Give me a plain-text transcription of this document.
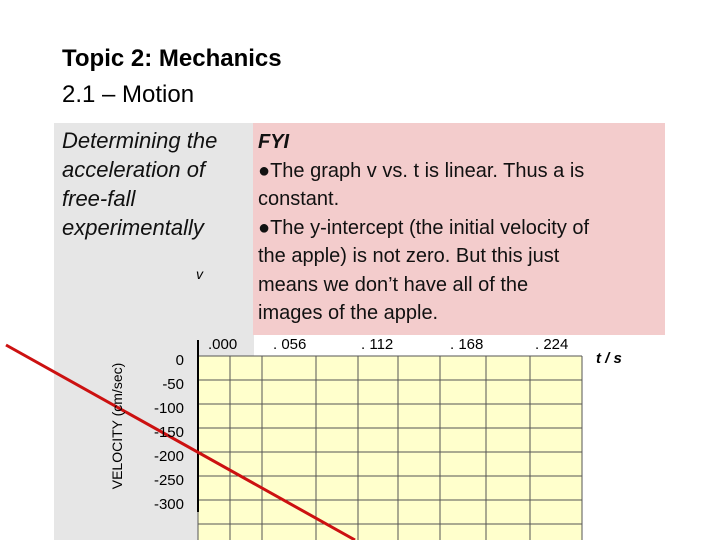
Topic 2: Mechanics
2.1 – Motion
Determining the
acceleration of
free-fall
experimentally
FYI
●The graph v vs. t is linear. Thus a is
constant.
●The y-intercept (the initial velocity of
the apple) is not zero. But this just
means we don’t have all of the
images of the apple.
v
VELOCITY (cm/sec)
0
-50
-100
-150
-200
-250
-300
.000 . 056	. 112	. 168	. 224
t / s
